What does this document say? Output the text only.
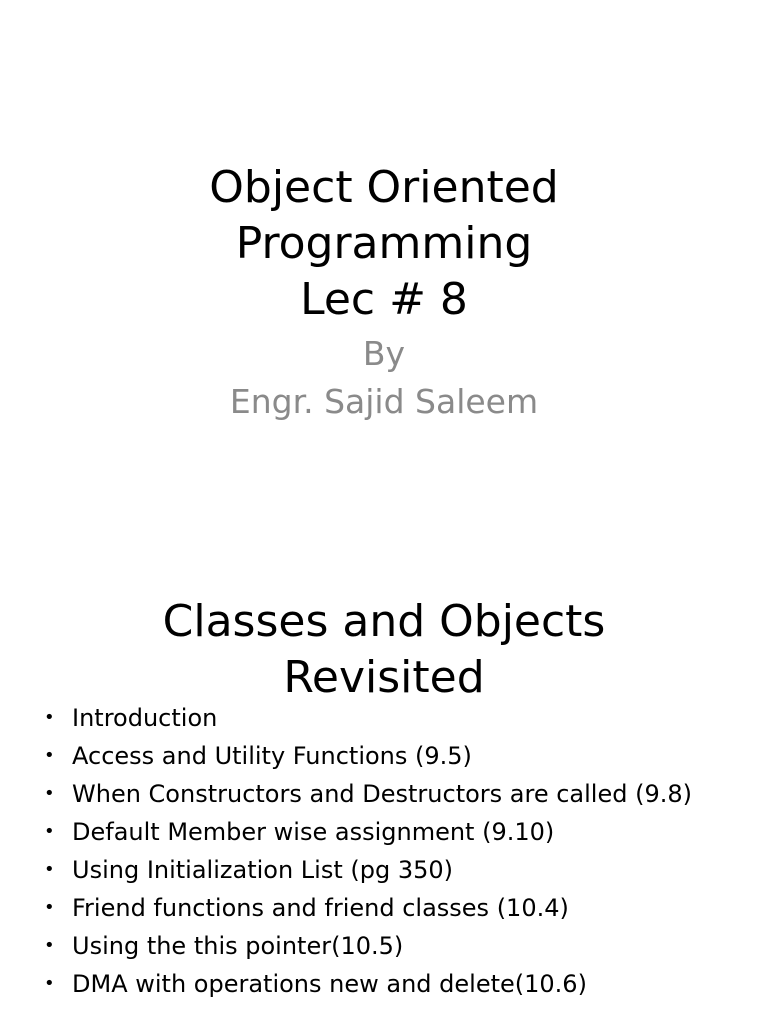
Object Oriented
Programming
Lec # 8
By
Engr. Sajid Saleem
Classes and Objects
Revisited
• Introduction
• Access and Utility Functions (9.5)
• When Constructors and Destructors are called (9.8)
• Default Member wise assignment (9.10)
• Using Initialization List (pg 350)
• Friend functions and friend classes (10.4)
• Using the this pointer(10.5)
• DMA with operations new and delete(10.6)
